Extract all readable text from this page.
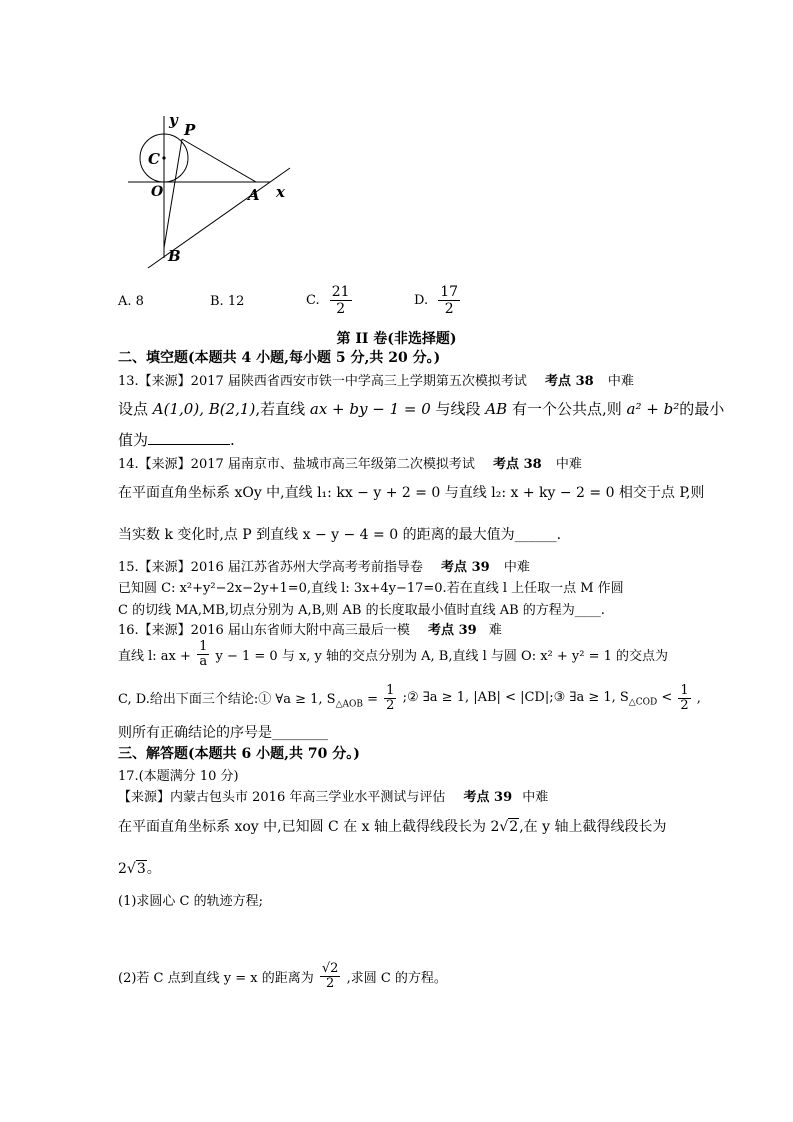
y
P
C
O	A x
B
A. 8	B. 12	C. $\frac{21}{2}$	D. $\frac{17}{2}$
第 II 卷(非选择题)
二、填空题(本题共 4 小题,每小题 5 分,共 20 分。)
13.【来源】2017 届陕西省西安市铁一中学高三上学期第五次模拟考试 考点 38 中难
设点 A(1,0), B(2,1),若直线 ax + by − 1 = 0 与线段 AB 有一个公共点,则 a² + b²的最小
值为	.
14.【来源】2017 届南京市、盐城市高三年级第二次模拟考试 考点 38 中难
在平面直角坐标系 xOy 中,直线 l₁: kx − y + 2 = 0 与直线 l₂: x + ky − 2 = 0 相交于点 P,则
当实数 k 变化时,点 P 到直线 x − y − 4 = 0 的距离的最大值为______.
15.【来源】2016 届江苏省苏州大学高考考前指导卷 考点 39 中难
已知圆 C: x²+y²−2x−2y+1=0,直线 l: 3x+4y−17=0.若在直线 l 上任取一点 M 作圆
C 的切线 MA,MB,切点分别为 A,B,则 AB 的长度取最小值时直线 AB 的方程为____.
16.【来源】2016 届山东省师大附中高三最后一模 考点 39 难
直线 l: ax + $\frac{1}{a}$ y − 1 = 0 与 x, y 轴的交点分别为 A, B,直线 l 与圆 O: x² + y² = 1 的交点为
C, D.给出下面三个结论:① ∀a ≥ 1, $S_{\triangle AOB} = \frac{1}{2}$ ;② ∃a ≥ 1, |AB| < |CD|;③ ∃a ≥ 1, $S_{\triangle COD} < \frac{1}{2}$ ,
则所有正确结论的序号是________
三、解答题(本题共 6 小题,共 70 分。)
17.(本题满分 10 分)
【来源】内蒙古包头市 2016 年高三学业水平测试与评估 考点 39 中难
在平面直角坐标系 xoy 中,已知圆 C 在 x 轴上截得线段长为 2√2,在 y 轴上截得线段长为
2√3。
(1)求圆心 C 的轨迹方程;
(2)若 C 点到直线 y = x 的距离为 $\frac{√2}{2}$ ,求圆 C 的方程。
